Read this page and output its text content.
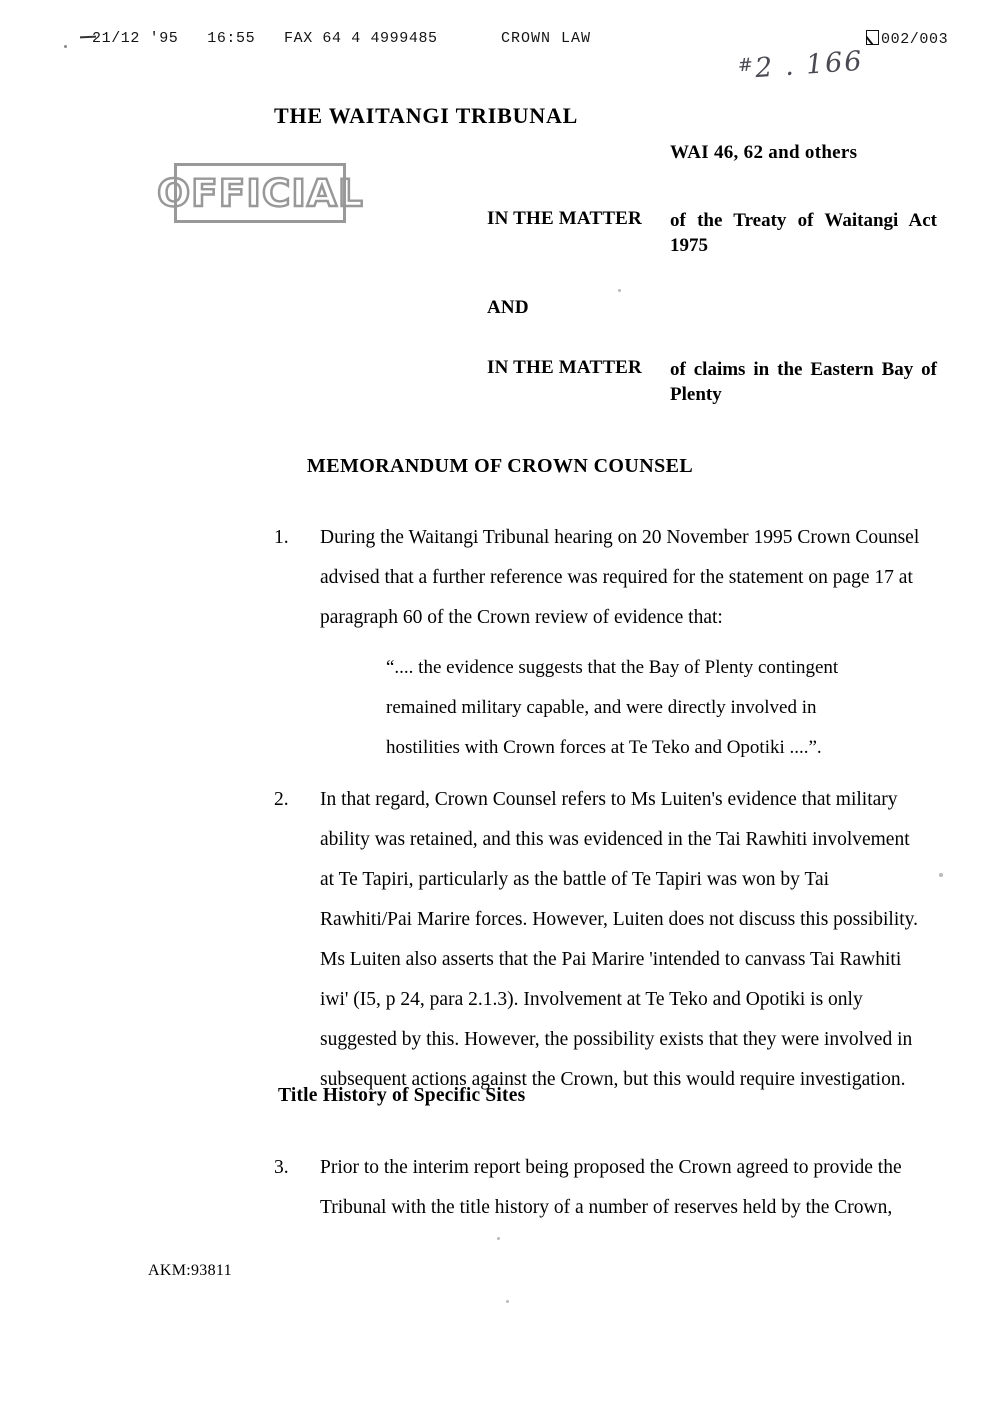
21/12 '95   16:55   FAX 64 4 4999485	CROWN LAW	002/003
#2 . 166
THE WAITANGI TRIBUNAL
OFFICIAL
WAI 46, 62 and others
IN THE MATTER	of the Treaty of Waitangi Act 1975
AND
IN THE MATTER	of claims in the Eastern Bay of Plenty
MEMORANDUM OF CROWN COUNSEL
1.	During the Waitangi Tribunal hearing on 20 November 1995 Crown Counsel
advised that a further reference was required for the statement on page 17 at
paragraph 60 of the Crown review of evidence that:
“.... the evidence suggests that the Bay of Plenty contingent
remained military capable, and were directly involved in
hostilities with Crown forces at Te Teko and Opotiki ....”.
2.	In that regard, Crown Counsel refers to Ms Luiten's evidence that military
ability was retained, and this was evidenced in the Tai Rawhiti involvement
at Te Tapiri, particularly as the battle of Te Tapiri was won by Tai
Rawhiti/Pai Marire forces. However, Luiten does not discuss this possibility.
Ms Luiten also asserts that the Pai Marire 'intended to canvass Tai Rawhiti
iwi' (I5, p 24, para 2.1.3). Involvement at Te Teko and Opotiki is only
suggested by this. However, the possibility exists that they were involved in
subsequent actions against the Crown, but this would require investigation.
Title History of Specific Sites
3.	Prior to the interim report being proposed the Crown agreed to provide the
Tribunal with the title history of a number of reserves held by the Crown,
AKM:93811
